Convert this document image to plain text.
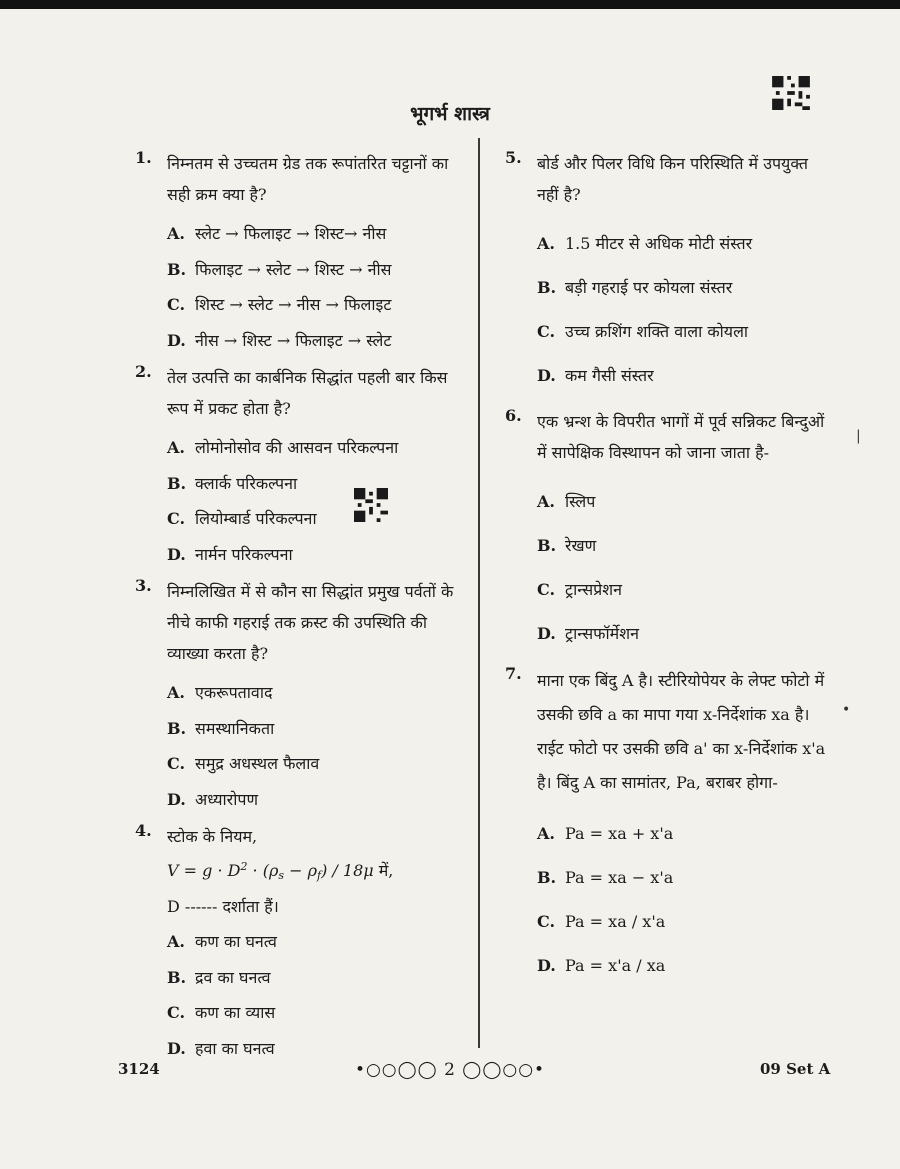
भूगर्भ शास्त्र
1. निम्नतम से उच्चतम ग्रेड तक रूपांतरित चट्टानों का सही क्रम क्या है?
A. स्लेट → फिलाइट → शिस्ट→ नीस
B. फिलाइट → स्लेट → शिस्ट → नीस
C. शिस्ट → स्लेट → नीस → फिलाइट
D. नीस → शिस्ट → फिलाइट → स्लेट
2. तेल उत्पत्ति का कार्बनिक सिद्धांत पहली बार किस रूप में प्रकट होता है?
A. लोमोनोसोव की आसवन परिकल्पना
B. क्लार्क परिकल्पना
C. लियोम्बार्ड परिकल्पना
D. नार्मन परिकल्पना
3. निम्नलिखित में से कौन सा सिद्धांत प्रमुख पर्वतों के नीचे काफी गहराई तक क्रस्ट की उपस्थिति की व्याख्या करता है?
A. एकरूपतावाद
B. समस्थानिकता
C. समुद्र अधस्थल फैलाव
D. अध्यारोपण
4. स्टोक के नियम,
$V = g \cdot D^2 \cdot (\rho_s - \rho_f) / 18\mu$ में,
D ------ दर्शाता हैं।
A. कण का घनत्व
B. द्रव का घनत्व
C. कण का व्यास
D. हवा का घनत्व
5. बोर्ड और पिलर विधि किन परिस्थिति में उपयुक्त नहीं है?
A. 1.5 मीटर से अधिक मोटी संस्तर
B. बड़ी गहराई पर कोयला संस्तर
C. उच्च क्रशिंग शक्ति वाला कोयला
D. कम गैसी संस्तर
6. एक भ्रन्श के विपरीत भागों में पूर्व सन्निकट बिन्दुओं में सापेक्षिक विस्थापन को जाना जाता है-
A. स्लिप
B. रेखण
C. ट्रान्सप्रेशन
D. ट्रान्सफॉर्मेशन
7. माना एक बिंदु A है। स्टीरियोपेयर के लेफ्ट फोटो में उसकी छवि a का मापा गया x-निर्देशांक xa है। राईट फोटो पर उसकी छवि a' का x-निर्देशांक x'a है। बिंदु A का सामांतर, Pa, बराबर होगा-
A. Pa = xa + x'a
B. Pa = xa − x'a
C. Pa = xa / x'a
D. Pa = x'a / xa
3124	•○○◯◯ 2 ◯◯○○•	09 Set A
|
•
